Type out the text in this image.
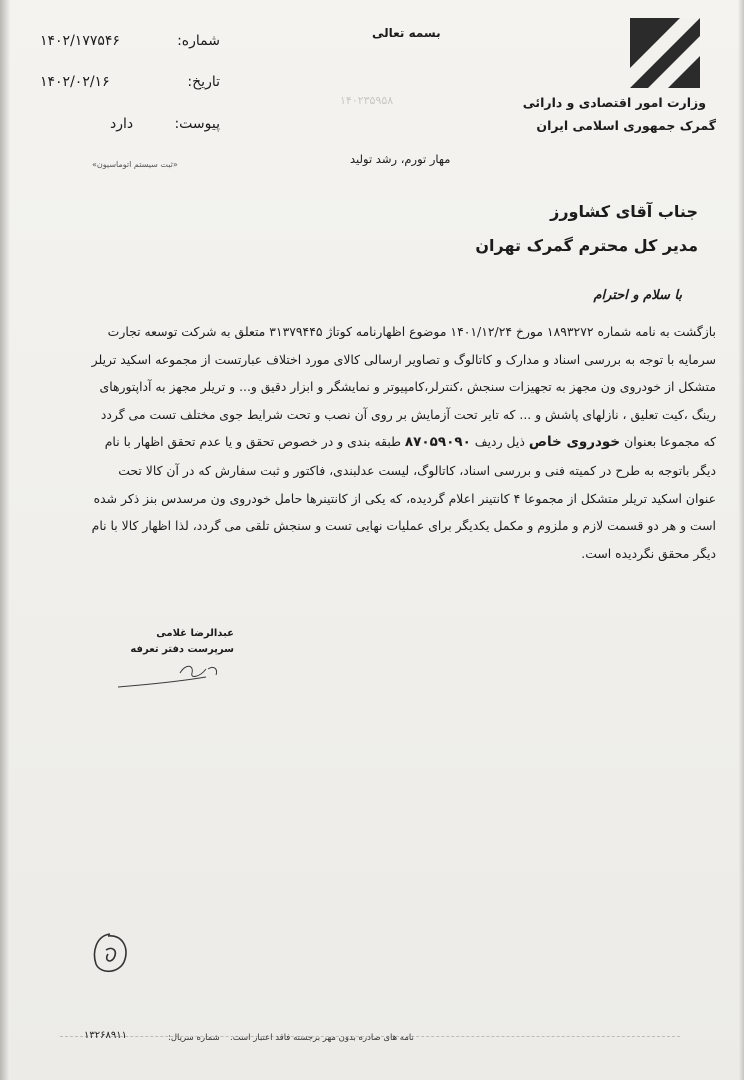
وزارت امور اقتصادی و دارائی
گمرک جمهوری اسلامی ایران
بسمه تعالی
شماره:
۱۴۰۲/۱۷۷۵۴۶
تاریخ:
۱۴۰۲/۰۲/۱۶
پیوست:
دارد
«ثبت سیستم اتوماسیون»
۱۴۰۲۳۵۹۵۸
مهار تورم، رشد تولید
جناب آقای کشاورز
مدیر کل محترم گمرک تهران
با سلام و احترام
بازگشت به نامه شماره ۱۸۹۳۲۷۲ مورخ ۱۴۰۱/۱۲/۲۴ موضوع اظهارنامه کوتاژ ۳۱۳۷۹۴۴۵ متعلق به شرکت توسعه تجارت
سرمایه با توجه به بررسی اسناد و مدارک و کاتالوگ و تصاویر ارسالی کالای مورد اختلاف عبارتست از مجموعه اسکید تریلر
متشکل از خودروی ون مجهز به تجهیزات سنجش ،کنترلر،کامپیوتر و نمایشگر و ابزار دقیق و... و تریلر مجهز به آداپتورهای
رینگ ،کیت تعلیق ، نازلهای پاشش و ... که تایر تحت آزمایش بر روی آن نصب و تحت شرایط جوی مختلف تست می گردد
که مجموعا بعنوان خودروی خاص ذیل ردیف ۸۷۰۵۹۰۹۰ طبقه بندی و در خصوص تحقق و یا عدم تحقق اظهار با نام
دیگر باتوجه به طرح در کمیته فنی و بررسی اسناد، کاتالوگ، لیست عدلبندی، فاکتور و ثبت سفارش که در آن کالا تحت
عنوان اسکید تریلر متشکل از مجموعا ۴ کانتینر اعلام گردیده، که یکی از کانتینرها حامل خودروی ون مرسدس بنز ذکر شده
است و هر دو قسمت لازم و ملزوم و مکمل یکدیگر برای عملیات نهایی تست و سنجش تلقی می گردد، لذا اظهار کالا با نام
دیگر محقق نگردیده است.
عبدالرضا غلامی
سرپرست دفتر تعرفه
نامه های صادره بدون مهر برجسته فاقد اعتبار است.
شماره سریال:
۱۳۲۶۸۹۱۱
